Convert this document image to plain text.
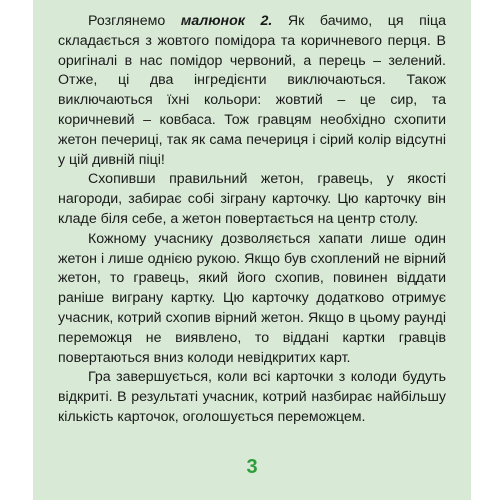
Розглянемо малюнок 2. Як бачимо, ця піца складається з жовтого помідора та коричневого перця. В оригіналі в нас помідор червоний, а перець – зелений. Отже, ці два інгредієнти виключаються. Також виключаються їхні кольори: жовтий – це сир, та коричневий – ковбаса. Тож гравцям необхідно схопити жетон печериці, так як сама печериця і сірий колір відсутні у цій дивній піці!

Схопивши правильний жетон, гравець, у якості нагороди, забирає собі зіграну карточку. Цю карточку він кладе біля себе, а жетон повертається на центр столу.

Кожному учаснику дозволяється хапати лише один жетон і лише однією рукою. Якщо був схоплений не вірний жетон, то гравець, який його схопив, повинен віддати раніше виграну картку. Цю карточку додатково отримує учасник, котрий схопив вірний жетон. Якщо в цьому раунді переможця не виявлено, то віддані картки гравців повертаються вниз колоди невідкритих карт.

Гра завершується, коли всі карточки з колоди будуть відкриті. В результаті учасник, котрий назбирає найбільшу кількість карточок, оголошується переможцем.

3
